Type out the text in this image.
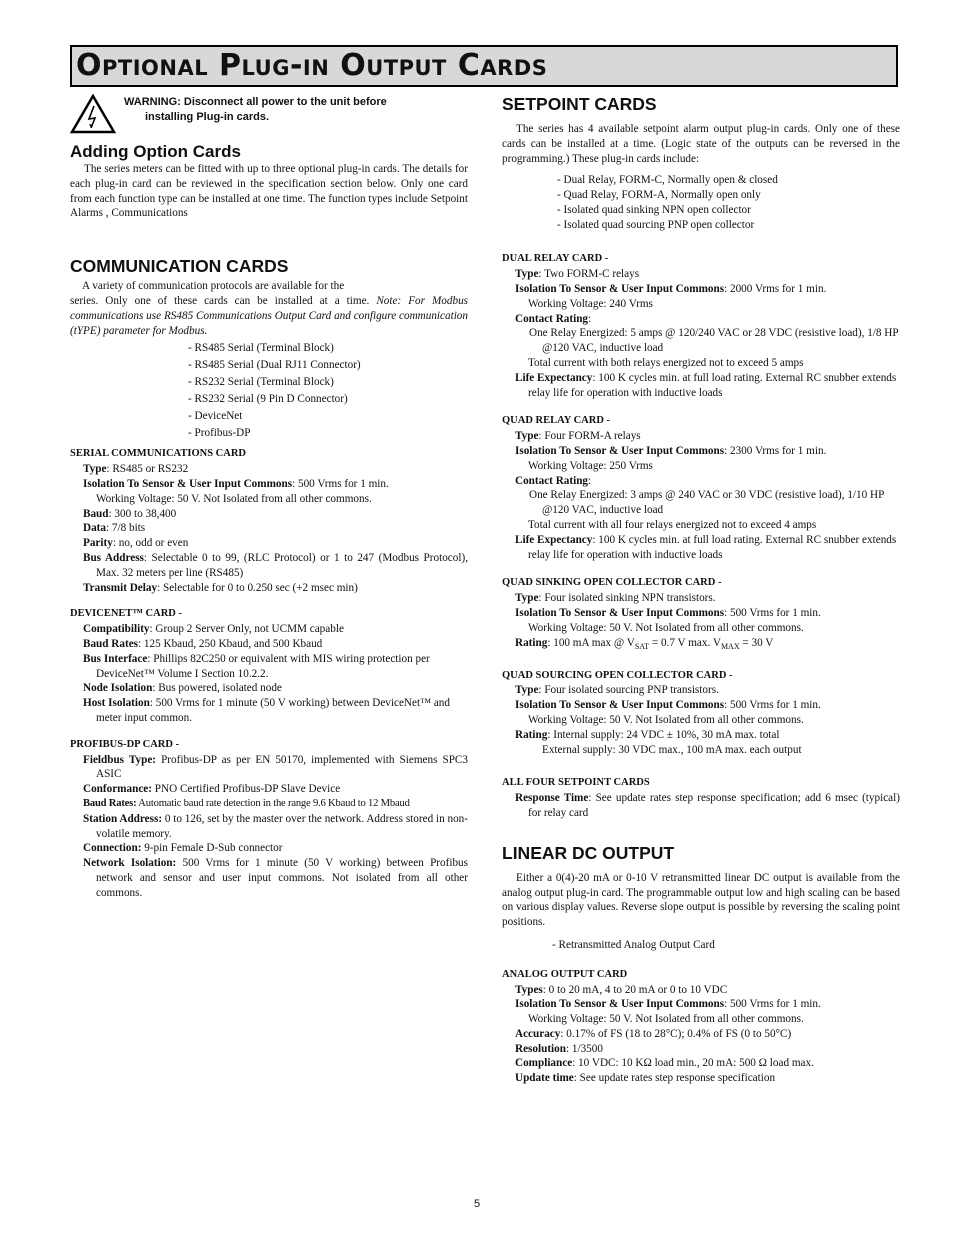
Optional Plug-in Output Cards
WARNING: Disconnect all power to the unit before
installing Plug-in cards.
Adding Option Cards

The series meters can be fitted with up to three optional plug-in cards. The details for each plug-in card can be reviewed in the specification section below. Only one card from each function type can be installed at one time. The function types include Setpoint Alarms , Communications

COMMUNICATION CARDS

A variety of communication protocols are available for the
series. Only one of these cards can be installed at a time. Note: For Modbus communications use RS485 Communications Output Card and configure communication (tYPE) parameter for Modbus.

- RS485 Serial (Terminal Block)
- RS485 Serial (Dual RJ11 Connector)
- RS232 Serial (Terminal Block)
- RS232 Serial (9 Pin D Connector)
- DeviceNet
- Profibus-DP
SERIAL COMMUNICATIONS CARD
Type: RS485 or RS232
Isolation To Sensor & User Input Commons: 500 Vrms for 1 min.
Working Voltage: 50 V. Not Isolated from all other commons.
Baud: 300 to 38,400
Data: 7/8 bits
Parity: no, odd or even
Bus Address: Selectable 0 to 99, (RLC Protocol) or 1 to 247 (Modbus Protocol), Max. 32 meters per line (RS485)
Transmit Delay: Selectable for 0 to 0.250 sec (+2 msec min)
DEVICENET™ CARD -
Compatibility: Group 2 Server Only, not UCMM capable
Baud Rates: 125 Kbaud, 250 Kbaud, and 500 Kbaud
Bus Interface: Phillips 82C250 or equivalent with MIS wiring protection per DeviceNet™ Volume I Section 10.2.2.
Node Isolation: Bus powered, isolated node
Host Isolation: 500 Vrms for 1 minute (50 V working) between DeviceNet™ and meter input common.
PROFIBUS-DP CARD -
Fieldbus Type: Profibus-DP as per EN 50170, implemented with Siemens SPC3 ASIC
Conformance: PNO Certified Profibus-DP Slave Device
Baud Rates: Automatic baud rate detection in the range 9.6 Kbaud to 12 Mbaud
Station Address: 0 to 126, set by the master over the network. Address stored in non-volatile memory.
Connection: 9-pin Female D-Sub connector
Network Isolation: 500 Vrms for 1 minute (50 V working) between Profibus network and sensor and user input commons. Not isolated from all other commons.
SETPOINT CARDS

The series has 4 available setpoint alarm output plug-in cards. Only one of these cards can be installed at a time. (Logic state of the outputs can be reversed in the programming.) These plug-in cards include:

- Dual Relay, FORM-C, Normally open & closed
- Quad Relay, FORM-A, Normally open only
- Isolated quad sinking NPN open collector
- Isolated quad sourcing PNP open collector
DUAL RELAY CARD -
Type: Two FORM-C relays
Isolation To Sensor & User Input Commons: 2000 Vrms for 1 min.
Working Voltage: 240 Vrms
Contact Rating:
One Relay Energized: 5 amps @ 120/240 VAC or 28 VDC (resistive load), 1/8 HP @120 VAC, inductive load
Total current with both relays energized not to exceed 5 amps
Life Expectancy: 100 K cycles min. at full load rating. External RC snubber extends relay life for operation with inductive loads
QUAD RELAY CARD -
Type: Four FORM-A relays
Isolation To Sensor & User Input Commons: 2300 Vrms for 1 min.
Working Voltage: 250 Vrms
Contact Rating:
One Relay Energized: 3 amps @ 240 VAC or 30 VDC (resistive load), 1/10 HP @120 VAC, inductive load
Total current with all four relays energized not to exceed 4 amps
Life Expectancy: 100 K cycles min. at full load rating. External RC snubber extends relay life for operation with inductive loads
QUAD SINKING OPEN COLLECTOR CARD -
Type: Four isolated sinking NPN transistors.
Isolation To Sensor & User Input Commons: 500 Vrms for 1 min.
Working Voltage: 50 V. Not Isolated from all other commons.
Rating: 100 mA max @ $V_{SAT} = 0.7$ V max. $V_{MAX} = 30$ V
QUAD SOURCING OPEN COLLECTOR CARD -
Type: Four isolated sourcing PNP transistors.
Isolation To Sensor & User Input Commons: 500 Vrms for 1 min.
Working Voltage: 50 V. Not Isolated from all other commons.
Rating: Internal supply: 24 VDC ± 10%, 30 mA max. total
External supply: 30 VDC max., 100 mA max. each output
ALL FOUR SETPOINT CARDS
Response Time: See update rates step response specification; add 6 msec (typical) for relay card
LINEAR DC OUTPUT

Either a 0(4)-20 mA or 0-10 V retransmitted linear DC output is available from the analog output plug-in card. The programmable output low and high scaling can be based on various display values. Reverse slope output is possible by reversing the scaling point positions.

- Retransmitted Analog Output Card
ANALOG OUTPUT CARD
Types: 0 to 20 mA, 4 to 20 mA or 0 to 10 VDC
Isolation To Sensor & User Input Commons: 500 Vrms for 1 min.
Working Voltage: 50 V. Not Isolated from all other commons.
Accuracy: 0.17% of FS (18 to 28°C); 0.4% of FS (0 to 50°C)
Resolution: 1/3500
Compliance: 10 VDC: 10 KΩ load min., 20 mA: 500 Ω load max.
Update time: See update rates step response specification
5
